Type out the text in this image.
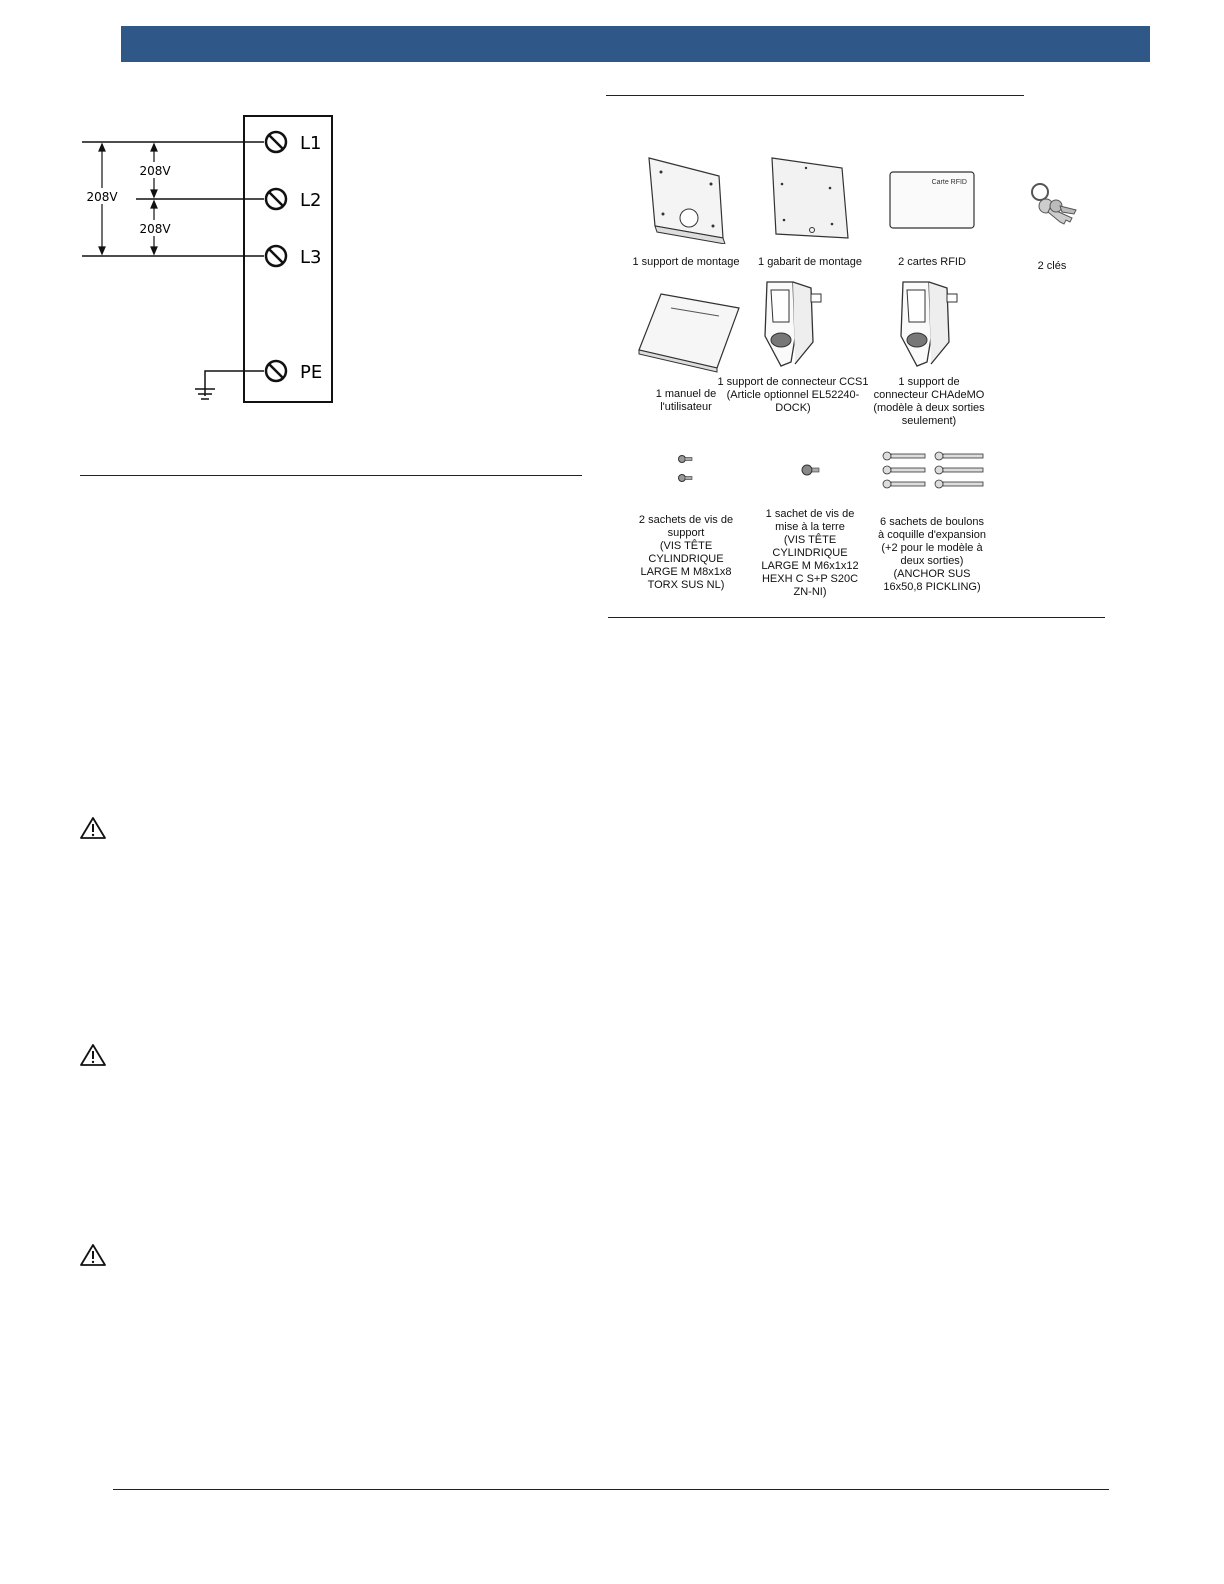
208V
208V
208V
L1
L2
L3
PE
1 support de montage	1 gabarit de montage
Carte RFID
2 cartes RFID	2 clés
1 manuel de
l'utilisateur
1 support de connecteur CCS1
(Article optionnel EL52240-
DOCK)
1 support de
connecteur CHAdeMO
(modèle à deux sorties
seulement)
2 sachets de vis de
support
(VIS TÊTE
CYLINDRIQUE
LARGE M M8x1x8
TORX SUS NL)
1 sachet de vis de
mise à la terre
(VIS TÊTE
CYLINDRIQUE
LARGE M M6x1x12
HEXH C S+P S20C
ZN-NI)
6 sachets de boulons
à coquille d'expansion
(+2 pour le modèle à
deux sorties)
(ANCHOR SUS
16x50,8 PICKLING)
